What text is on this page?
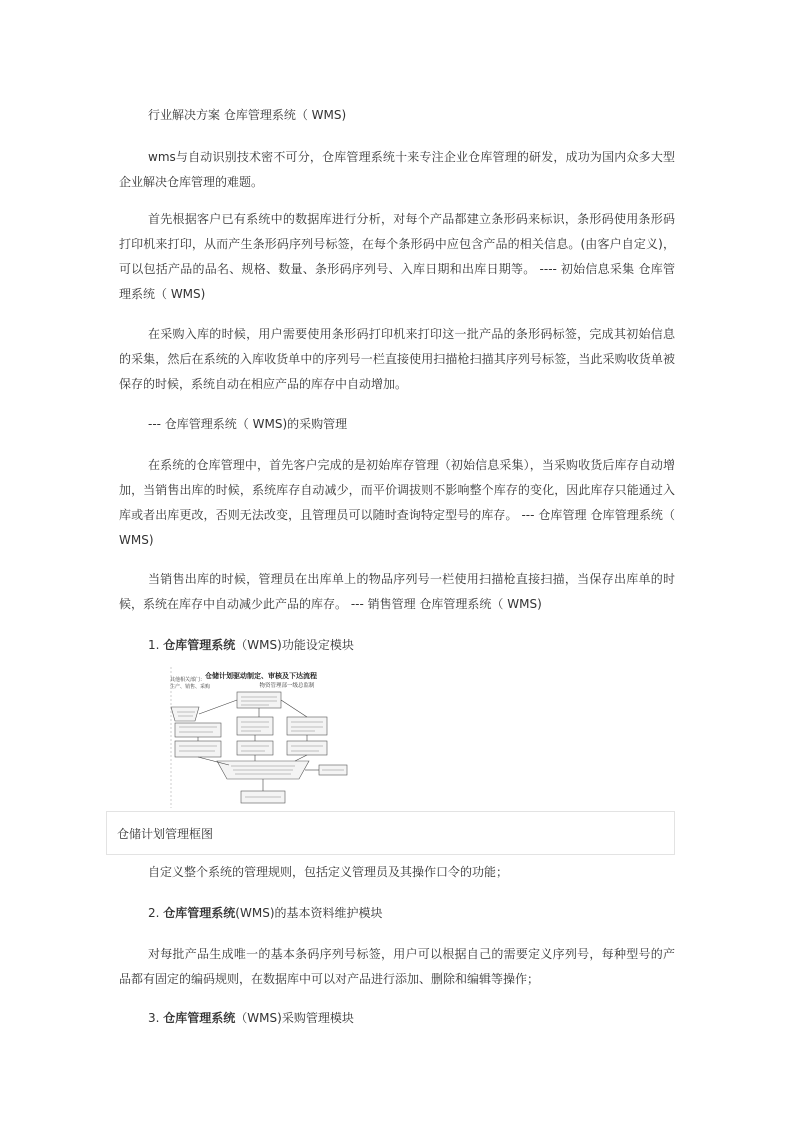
行业解决方案 仓库管理系统（ WMS)

wms与自动识别技术密不可分，仓库管理系统十来专注企业仓库管理的研发，成功为国内众多大型企业解决仓库管理的难题。

首先根据客户已有系统中的数据库进行分析，对每个产品都建立条形码来标识，条形码使用条形码打印机来打印，从而产生条形码序列号标签，在每个条形码中应包含产品的相关信息。(由客户自定义)，可以包括产品的品名、规格、数量、条形码序列号、入库日期和出库日期等。 ---- 初始信息采集 仓库管理系统（ WMS)

在采购入库的时候，用户需要使用条形码打印机来打印这一批产品的条形码标签，完成其初始信息的采集，然后在系统的入库收货单中的序列号一栏直接使用扫描枪扫描其序列号标签，当此采购收货单被保存的时候，系统自动在相应产品的库存中自动增加。

--- 仓库管理系统（ WMS)的采购管理

在系统的仓库管理中，首先客户完成的是初始库存管理（初始信息采集），当采购收货后库存自动增加，当销售出库的时候，系统库存自动减少，而平价调拔则不影响整个库存的变化，因此库存只能通过入库或者出库更改，否则无法改变，且管理员可以随时查询特定型号的库存。 --- 仓库管理 仓库管理系统（ WMS)

当销售出库的时候，管理员在出库单上的物品序列号一栏使用扫描枪直接扫描，当保存出库单的时候，系统在库存中自动减少此产品的库存。 --- 销售管理 仓库管理系统（ WMS)

1. 仓库管理系统（WMS)功能设定模块

仓储计划驱动制定、审核及下达流程
物资管理部一级总监制
其他相关部门：
生产、销售、采购
仓储计划管理框图

自定义整个系统的管理规则，包括定义管理员及其操作口令的功能；

2. 仓库管理系统(WMS)的基本资料维护模块

对每批产品生成唯一的基本条码序列号标签，用户可以根据自己的需要定义序列号，每种型号的产品都有固定的编码规则，在数据库中可以对产品进行添加、删除和编辑等操作；

3. 仓库管理系统（WMS)采购管理模块
